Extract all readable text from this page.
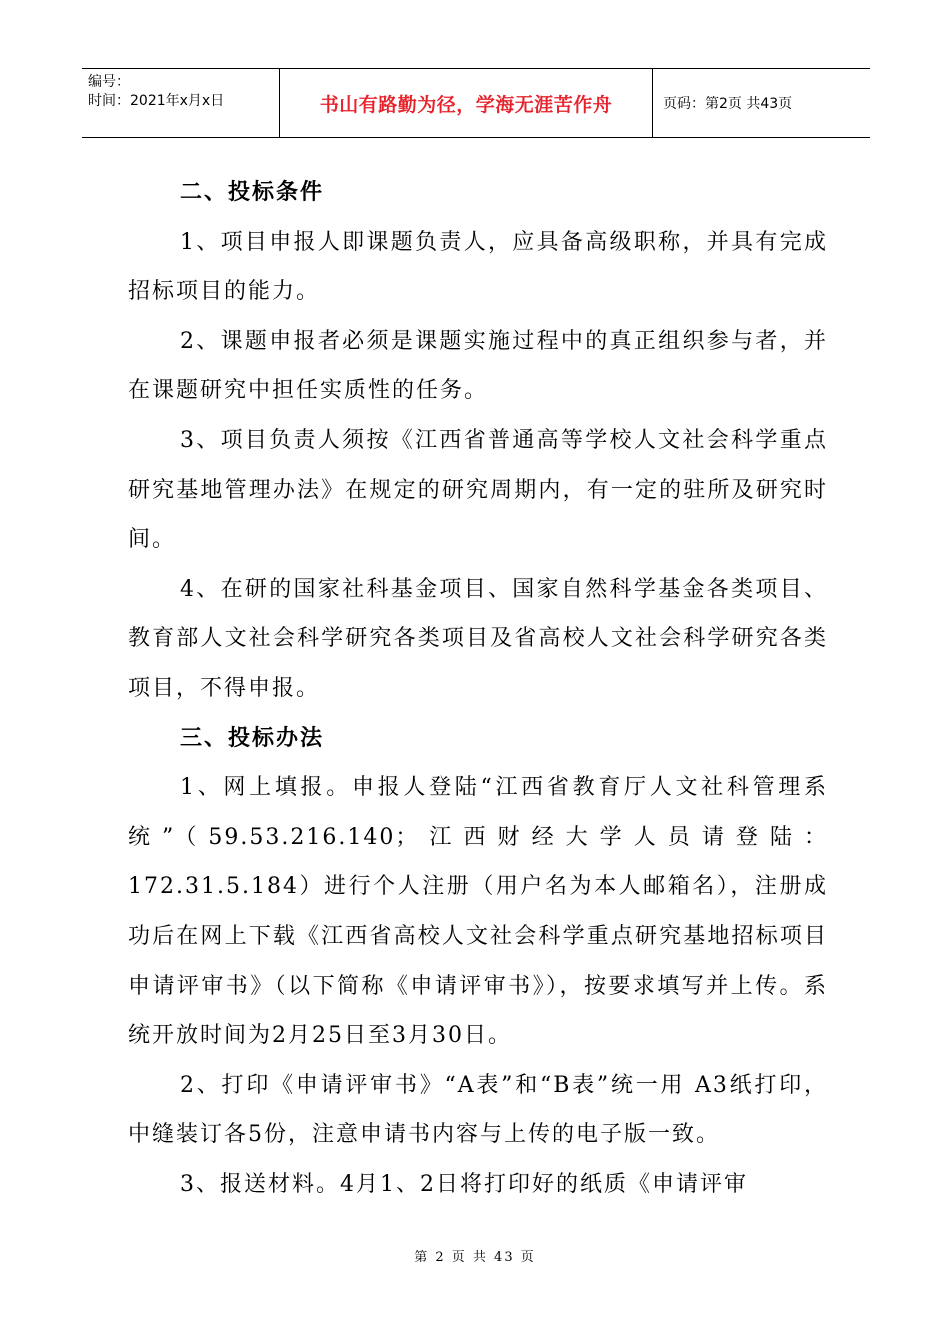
编号：
时间：2021年x月x日	书山有路勤为径，学海无涯苦作舟	页码：第2页 共43页
二、投标条件

1、项目申报人即课题负责人，应具备高级职称，并具有完成招标项目的能力。

2、课题申报者必须是课题实施过程中的真正组织参与者，并在课题研究中担任实质性的任务。

3、项目负责人须按《江西省普通高等学校人文社会科学重点研究基地管理办法》在规定的研究周期内，有一定的驻所及研究时间。

4、在研的国家社科基金项目、国家自然科学基金各类项目、教育部人文社会科学研究各类项目及省高校人文社会科学研究各类项目，不得申报。

三、投标办法

1、网上填报。申报人登陆“江西省教育厅人文社科管理系统”（59.53.216.140；江西财经大学人员请登陆：172.31.5.184）进行个人注册（用户名为本人邮箱名），注册成功后在网上下载《江西省高校人文社会科学重点研究基地招标项目申请评审书》（以下简称《申请评审书》），按要求填写并上传。系统开放时间为2月25日至3月30日。

2、打印《申请评审书》“A表”和“B表”统一用 A3纸打印，中缝装订各5份，注意申请书内容与上传的电子版一致。

3、报送材料。4月1、2日将打印好的纸质《申请评审

第 2 页 共 43 页
